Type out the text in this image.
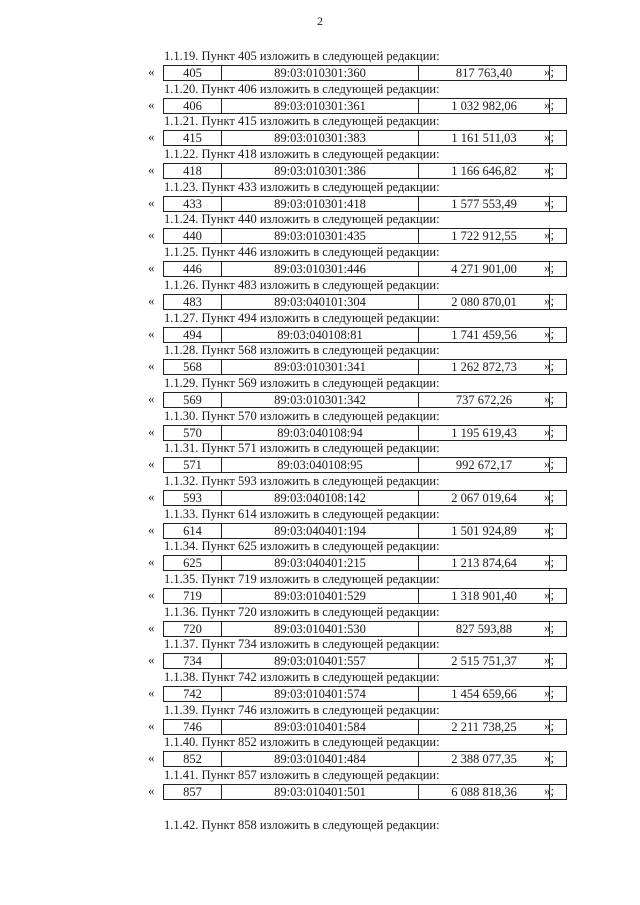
2
1.1.19. Пункт 405 изложить в следующей редакции:
«	405	89:03:010301:360	817 763,40	»;
1.1.20. Пункт 406 изложить в следующей редакции:
«	406	89:03:010301:361	1 032 982,06	»;
1.1.21. Пункт 415 изложить в следующей редакции:
«	415	89:03:010301:383	1 161 511,03	»;
1.1.22. Пункт 418 изложить в следующей редакции:
«	418	89:03:010301:386	1 166 646,82	»;
1.1.23. Пункт 433 изложить в следующей редакции:
«	433	89:03:010301:418	1 577 553,49	»;
1.1.24. Пункт 440 изложить в следующей редакции:
«	440	89:03:010301:435	1 722 912,55	»;
1.1.25. Пункт 446 изложить в следующей редакции:
«	446	89:03:010301:446	4 271 901,00	»;
1.1.26. Пункт 483 изложить в следующей редакции:
«	483	89:03:040101:304	2 080 870,01	»;
1.1.27. Пункт 494 изложить в следующей редакции:
«	494	89:03:040108:81	1 741 459,56	»;
1.1.28. Пункт 568 изложить в следующей редакции:
«	568	89:03:010301:341	1 262 872,73	»;
1.1.29. Пункт 569 изложить в следующей редакции:
«	569	89:03:010301:342	737 672,26	»;
1.1.30. Пункт 570 изложить в следующей редакции:
«	570	89:03:040108:94	1 195 619,43	»;
1.1.31. Пункт 571 изложить в следующей редакции:
«	571	89:03:040108:95	992 672,17	»;
1.1.32. Пункт 593 изложить в следующей редакции:
«	593	89:03:040108:142	2 067 019,64	»;
1.1.33. Пункт 614 изложить в следующей редакции:
«	614	89:03:040401:194	1 501 924,89	»;
1.1.34. Пункт 625 изложить в следующей редакции:
«	625	89:03:040401:215	1 213 874,64	»;
1.1.35. Пункт 719 изложить в следующей редакции:
«	719	89:03:010401:529	1 318 901,40	»;
1.1.36. Пункт 720 изложить в следующей редакции:
«	720	89:03:010401:530	827 593,88	»;
1.1.37. Пункт 734 изложить в следующей редакции:
«	734	89:03:010401:557	2 515 751,37	»;
1.1.38. Пункт 742 изложить в следующей редакции:
«	742	89:03:010401:574	1 454 659,66	»;
1.1.39. Пункт 746 изложить в следующей редакции:
«	746	89:03:010401:584	2 211 738,25	»;
1.1.40. Пункт 852 изложить в следующей редакции:
«	852	89:03:010401:484	2 388 077,35	»;
1.1.41. Пункт 857 изложить в следующей редакции:
«	857	89:03:010401:501	6 088 818,36	»;
1.1.42. Пункт 858 изложить в следующей редакции:
